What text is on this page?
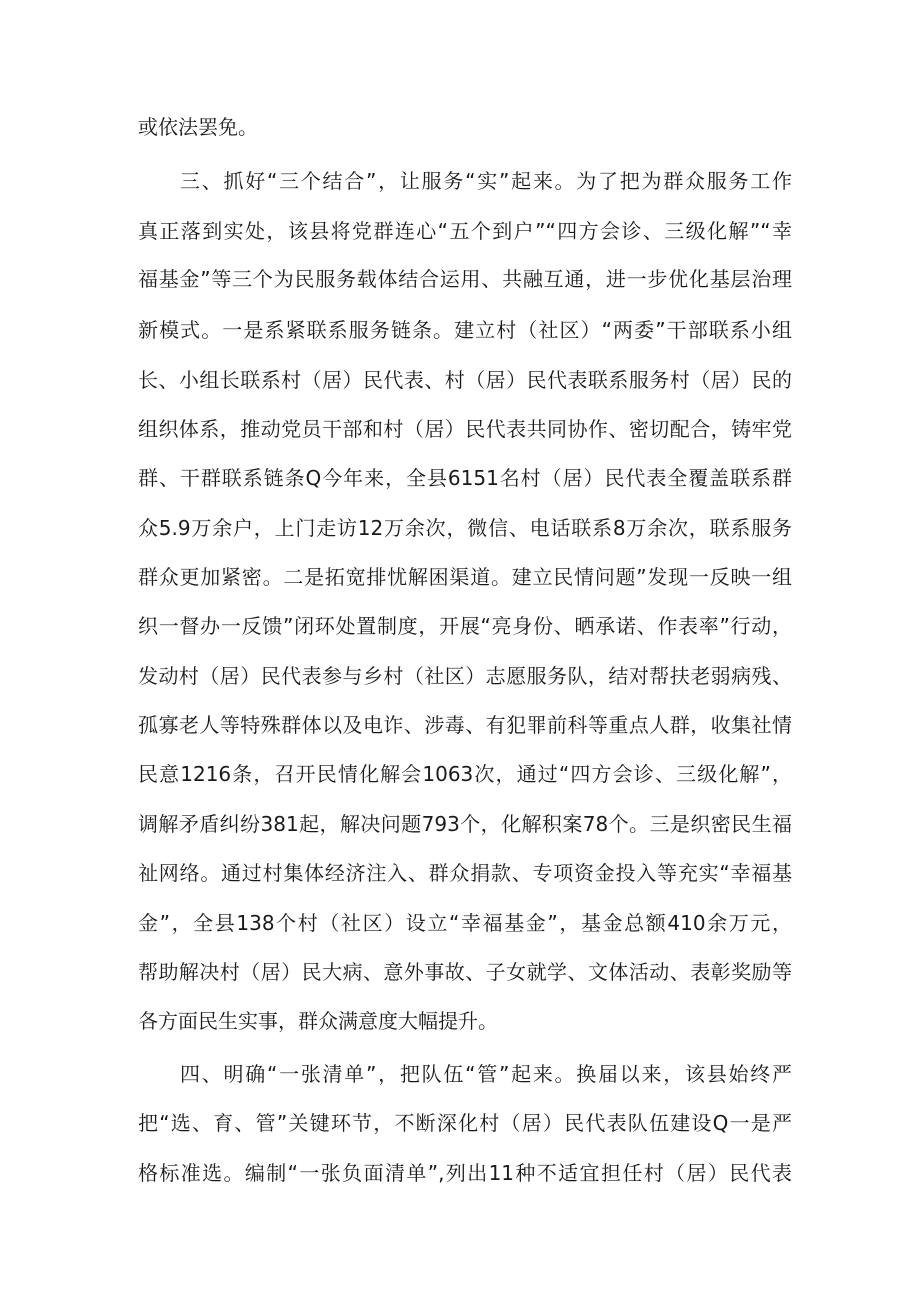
或依法罢免。
三、抓好“三个结合”，让服务“实”起来。为了把为群众服务工作
真正落到实处，该县将党群连心“五个到户”“四方会诊、三级化解”“幸
福基金”等三个为民服务载体结合运用、共融互通，进一步优化基层治理
新模式。一是系紧联系服务链条。建立村（社区）“两委”干部联系小组
长、小组长联系村（居）民代表、村（居）民代表联系服务村（居）民的
组织体系，推动党员干部和村（居）民代表共同协作、密切配合，铸牢党
群、干群联系链条Q今年来，全县6151名村（居）民代表全覆盖联系群
众5.9万余户，上门走访12万余次，微信、电话联系8万余次，联系服务
群众更加紧密。二是拓宽排忧解困渠道。建立民情问题”发现一反映一组
织一督办一反馈”闭环处置制度，开展“亮身份、晒承诺、作表率”行动，
发动村（居）民代表参与乡村（社区）志愿服务队，结对帮扶老弱病残、
孤寡老人等特殊群体以及电诈、涉毒、有犯罪前科等重点人群，收集社情
民意1216条，召开民情化解会1063次，通过“四方会诊、三级化解”，
调解矛盾纠纷381起，解决问题793个，化解积案78个。三是织密民生福
祉网络。通过村集体经济注入、群众捐款、专项资金投入等充实“幸福基
金”，全县138个村（社区）设立“幸福基金”，基金总额410余万元，
帮助解决村（居）民大病、意外事故、子女就学、文体活动、表彰奖励等
各方面民生实事，群众满意度大幅提升。
四、明确“一张清单”，把队伍“管”起来。换届以来，该县始终严
把“选、育、管”关键环节，不断深化村（居）民代表队伍建设Q一是严
格标准选。编制“一张负面清单”,列出11种不适宜担任村（居）民代表
